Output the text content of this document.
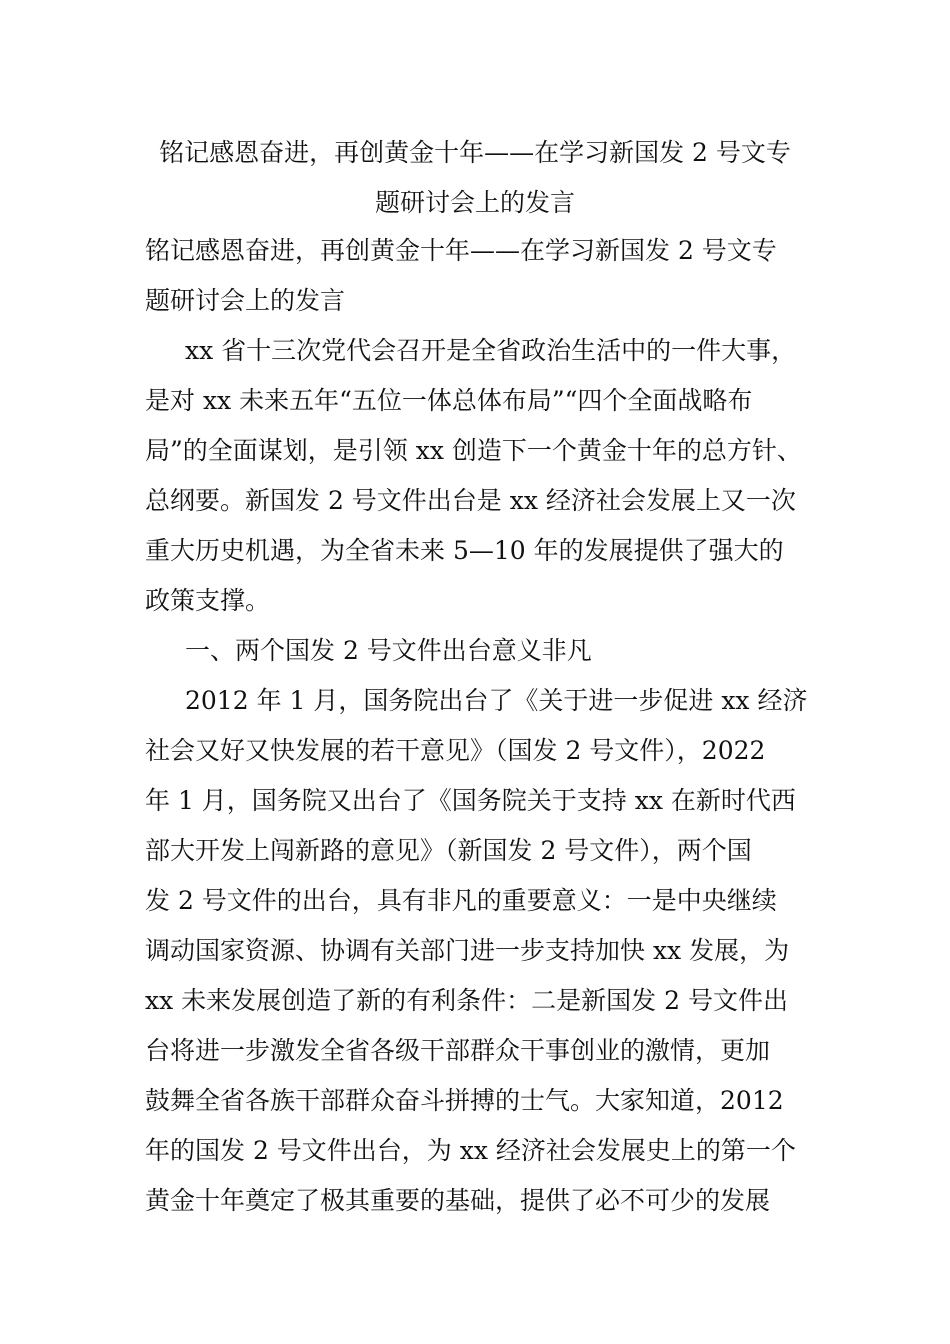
铭记感恩奋进，再创黄金十年——在学习新国发 2 号文专
题研讨会上的发言
铭记感恩奋进，再创黄金十年——在学习新国发 2 号文专
题研讨会上的发言
xx 省十三次党代会召开是全省政治生活中的一件大事，
是对 xx 未来五年“五位一体总体布局”“四个全面战略布
局”的全面谋划，是引领 xx 创造下一个黄金十年的总方针、
总纲要。新国发 2 号文件出台是 xx 经济社会发展上又一次
重大历史机遇，为全省未来 5—10 年的发展提供了强大的
政策支撑。
一、两个国发 2 号文件出台意义非凡
2012 年 1 月，国务院出台了《关于进一步促进 xx 经济
社会又好又快发展的若干意见》（国发 2 号文件），2022
年 1 月，国务院又出台了《国务院关于支持 xx 在新时代西
部大开发上闯新路的意见》（新国发 2 号文件），两个国
发 2 号文件的出台，具有非凡的重要意义：一是中央继续
调动国家资源、协调有关部门进一步支持加快 xx 发展，为
xx 未来发展创造了新的有利条件：二是新国发 2 号文件出
台将进一步激发全省各级干部群众干事创业的激情，更加
鼓舞全省各族干部群众奋斗拼搏的士气。大家知道，2012
年的国发 2 号文件出台，为 xx 经济社会发展史上的第一个
黄金十年奠定了极其重要的基础，提供了必不可少的发展
